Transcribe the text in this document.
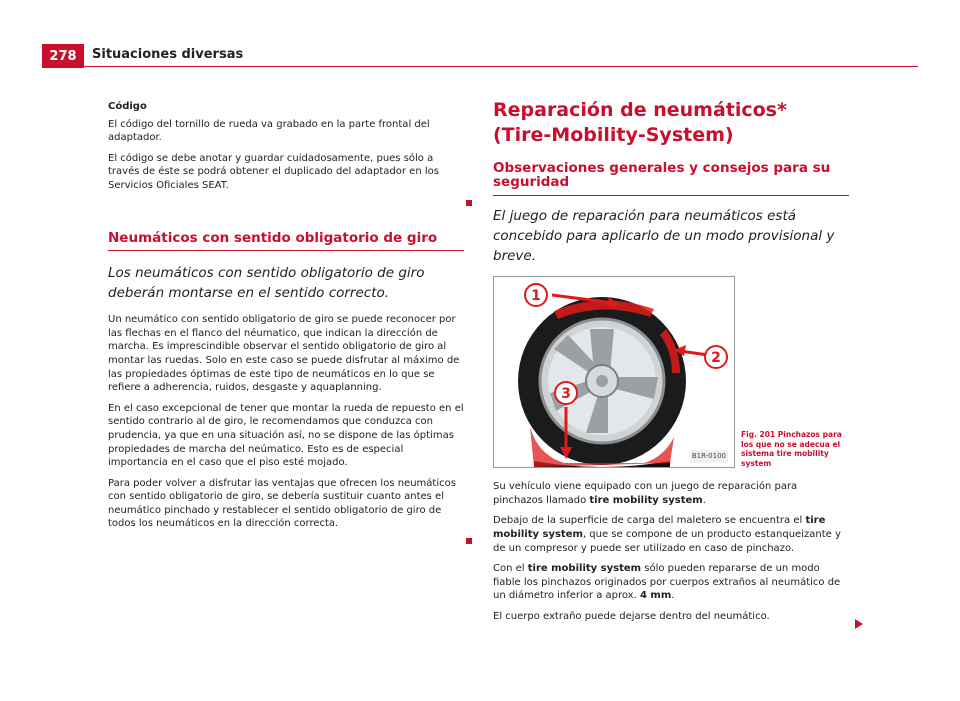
278	Situaciones diversas

Código

El código del tornillo de rueda va grabado en la parte frontal del adaptador.

El código se debe anotar y guardar cuidadosamente, pues sólo a través de éste se podrá obtener el duplicado del adaptador en los Servicios Oficiales SEAT.

Neumáticos con sentido obligatorio de giro

Los neumáticos con sentido obligatorio de giro deberán montarse en el sentido correcto.

Un neumático con sentido obligatorio de giro se puede reconocer por las flechas en el flanco del néumatico, que indican la dirección de marcha. Es imprescindible observar el sentido obligatorio de giro al montar las ruedas. Solo en este caso se puede disfrutar al máximo de las propiedades óptimas de este tipo de neumáticos en lo que se refiere a adherencia, ruidos, desgaste y aquaplanning.

En el caso excepcional de tener que montar la rueda de repuesto en el sentido contrario al de giro, le recomendamos que conduzca con prudencia, ya que en una situación así, no se dispone de las óptimas propiedades de marcha del neúmatico. Esto es de especial importancia en el caso que el piso esté mojado.

Para poder volver a disfrutar las ventajas que ofrecen los neumáticos con sentido obligatorio de giro, se debería sustituir cuanto antes el neumático pinchado y restablecer el sentido obligatorio de giro de todos los neumáticos en la dirección correcta.

Reparación de neumáticos* (Tire-Mobility-System)
Observaciones generales y consejos para su seguridad

El juego de reparación para neumáticos está concebido para aplicarlo de un modo provisional y breve.

1
2
3
B1R-0100
Fig. 201 Pinchazos para los que no se adecua el sistema tire mobility system

Su vehículo viene equipado con un juego de reparación para pinchazos llamado tire mobility system.

Debajo de la superficie de carga del maletero se encuentra el tire mobility system, que se compone de un producto estanqueizante y de un compresor y puede ser utilizado en caso de pinchazo.

Con el tire mobility system sólo pueden repararse de un modo fiable los pinchazos originados por cuerpos extraños al neumático de un diámetro inferior a aprox. 4 mm.

El cuerpo extraño puede dejarse dentro del neumático.
